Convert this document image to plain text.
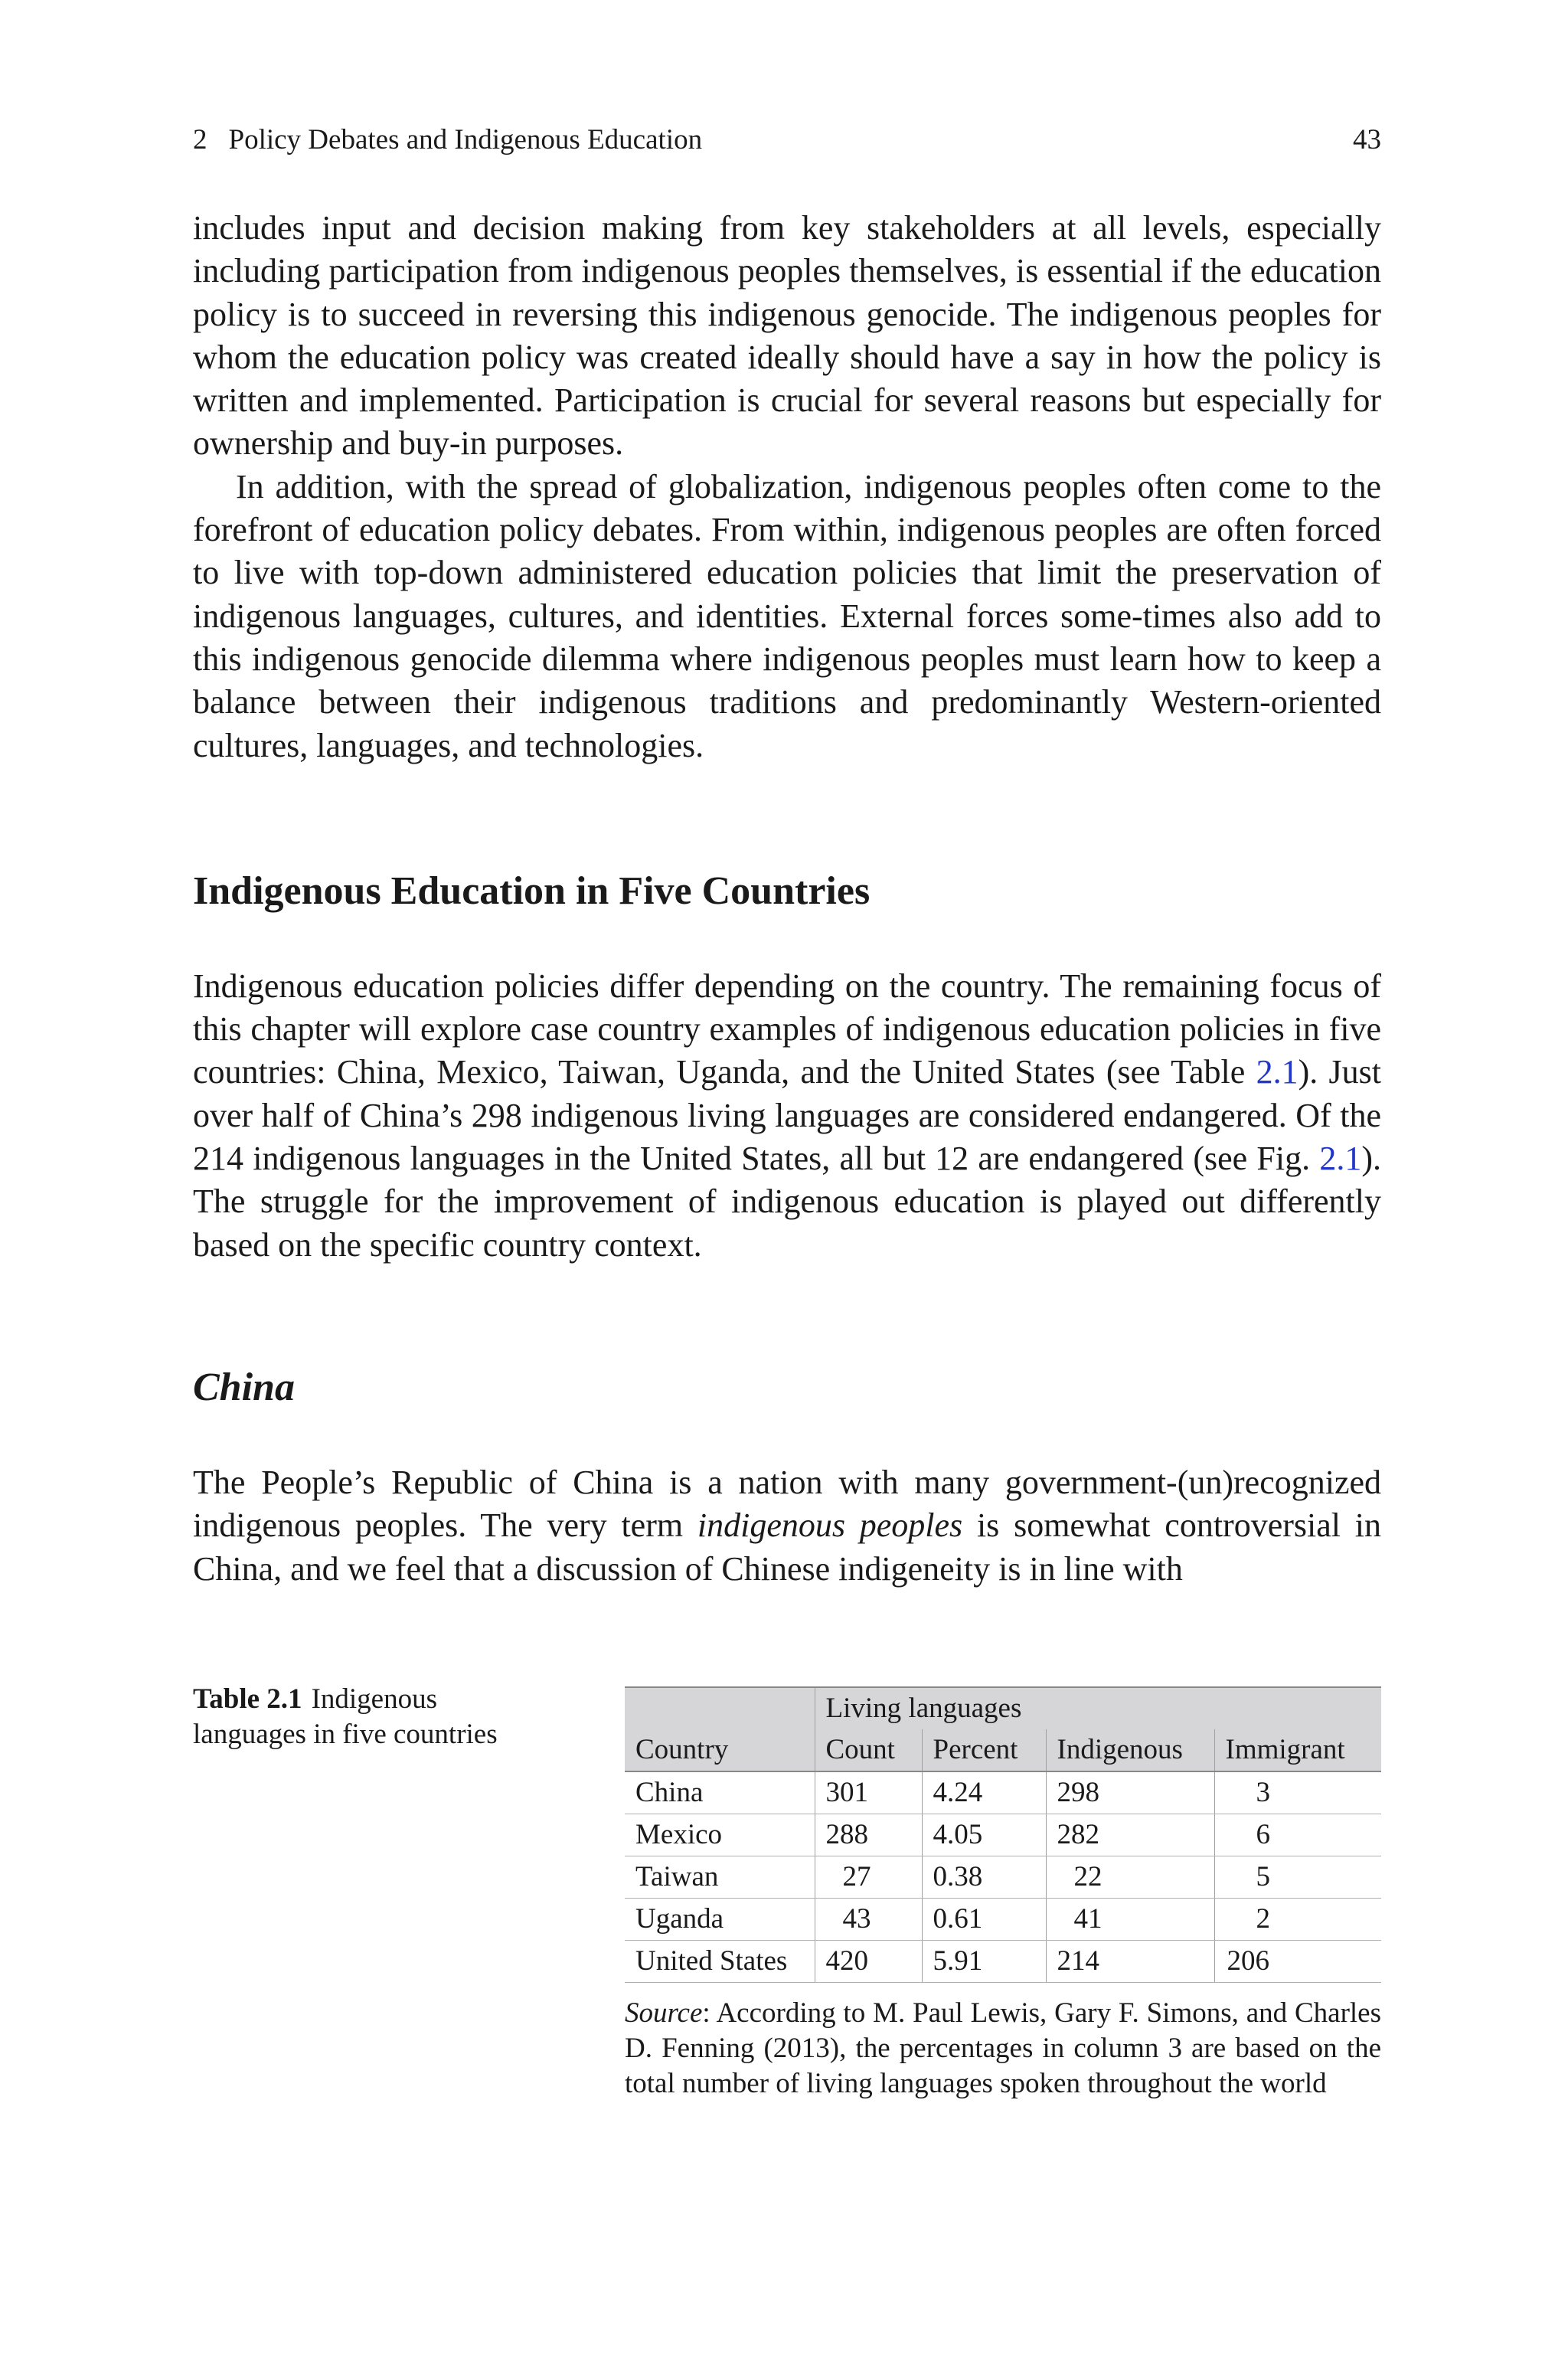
2 Policy Debates and Indigenous Education	43

includes input and decision making from key stakeholders at all levels, especially including participation from indigenous peoples themselves, is essential if the education policy is to succeed in reversing this indigenous genocide. The indigenous peoples for whom the education policy was created ideally should have a say in how the policy is written and implemented. Participation is crucial for several reasons but especially for ownership and buy-in purposes.

In addition, with the spread of globalization, indigenous peoples often come to the forefront of education policy debates. From within, indigenous peoples are often forced to live with top-down administered education policies that limit the preservation of indigenous languages, cultures, and identities. External forces some-times also add to this indigenous genocide dilemma where indigenous peoples must learn how to keep a balance between their indigenous traditions and predominantly Western-oriented cultures, languages, and technologies.

Indigenous Education in Five Countries

Indigenous education policies differ depending on the country. The remaining focus of this chapter will explore case country examples of indigenous education policies in five countries: China, Mexico, Taiwan, Uganda, and the United States (see Table 2.1). Just over half of China’s 298 indigenous living languages are considered endangered. Of the 214 indigenous languages in the United States, all but 12 are endangered (see Fig. 2.1). The struggle for the improvement of indigenous education is played out differently based on the specific country context.

China

The People’s Republic of China is a nation with many government-(un)recognized indigenous peoples. The very term indigenous peoples is somewhat controversial in China, and we feel that a discussion of Chinese indigeneity is in line with

Table 2.1 Indigenous languages in five countries
	Living languages			
Country	Count	Percent	Indigenous	Immigrant
China	301	4.24	298	3
Mexico	288	4.05	282	6
Taiwan	27	0.38	22	5
Uganda	43	0.61	41	2
United States	420	5.91	214	206

Source: According to M. Paul Lewis, Gary F. Simons, and Charles D. Fenning (2013), the percentages in column 3 are based on the total number of living languages spoken throughout the world
